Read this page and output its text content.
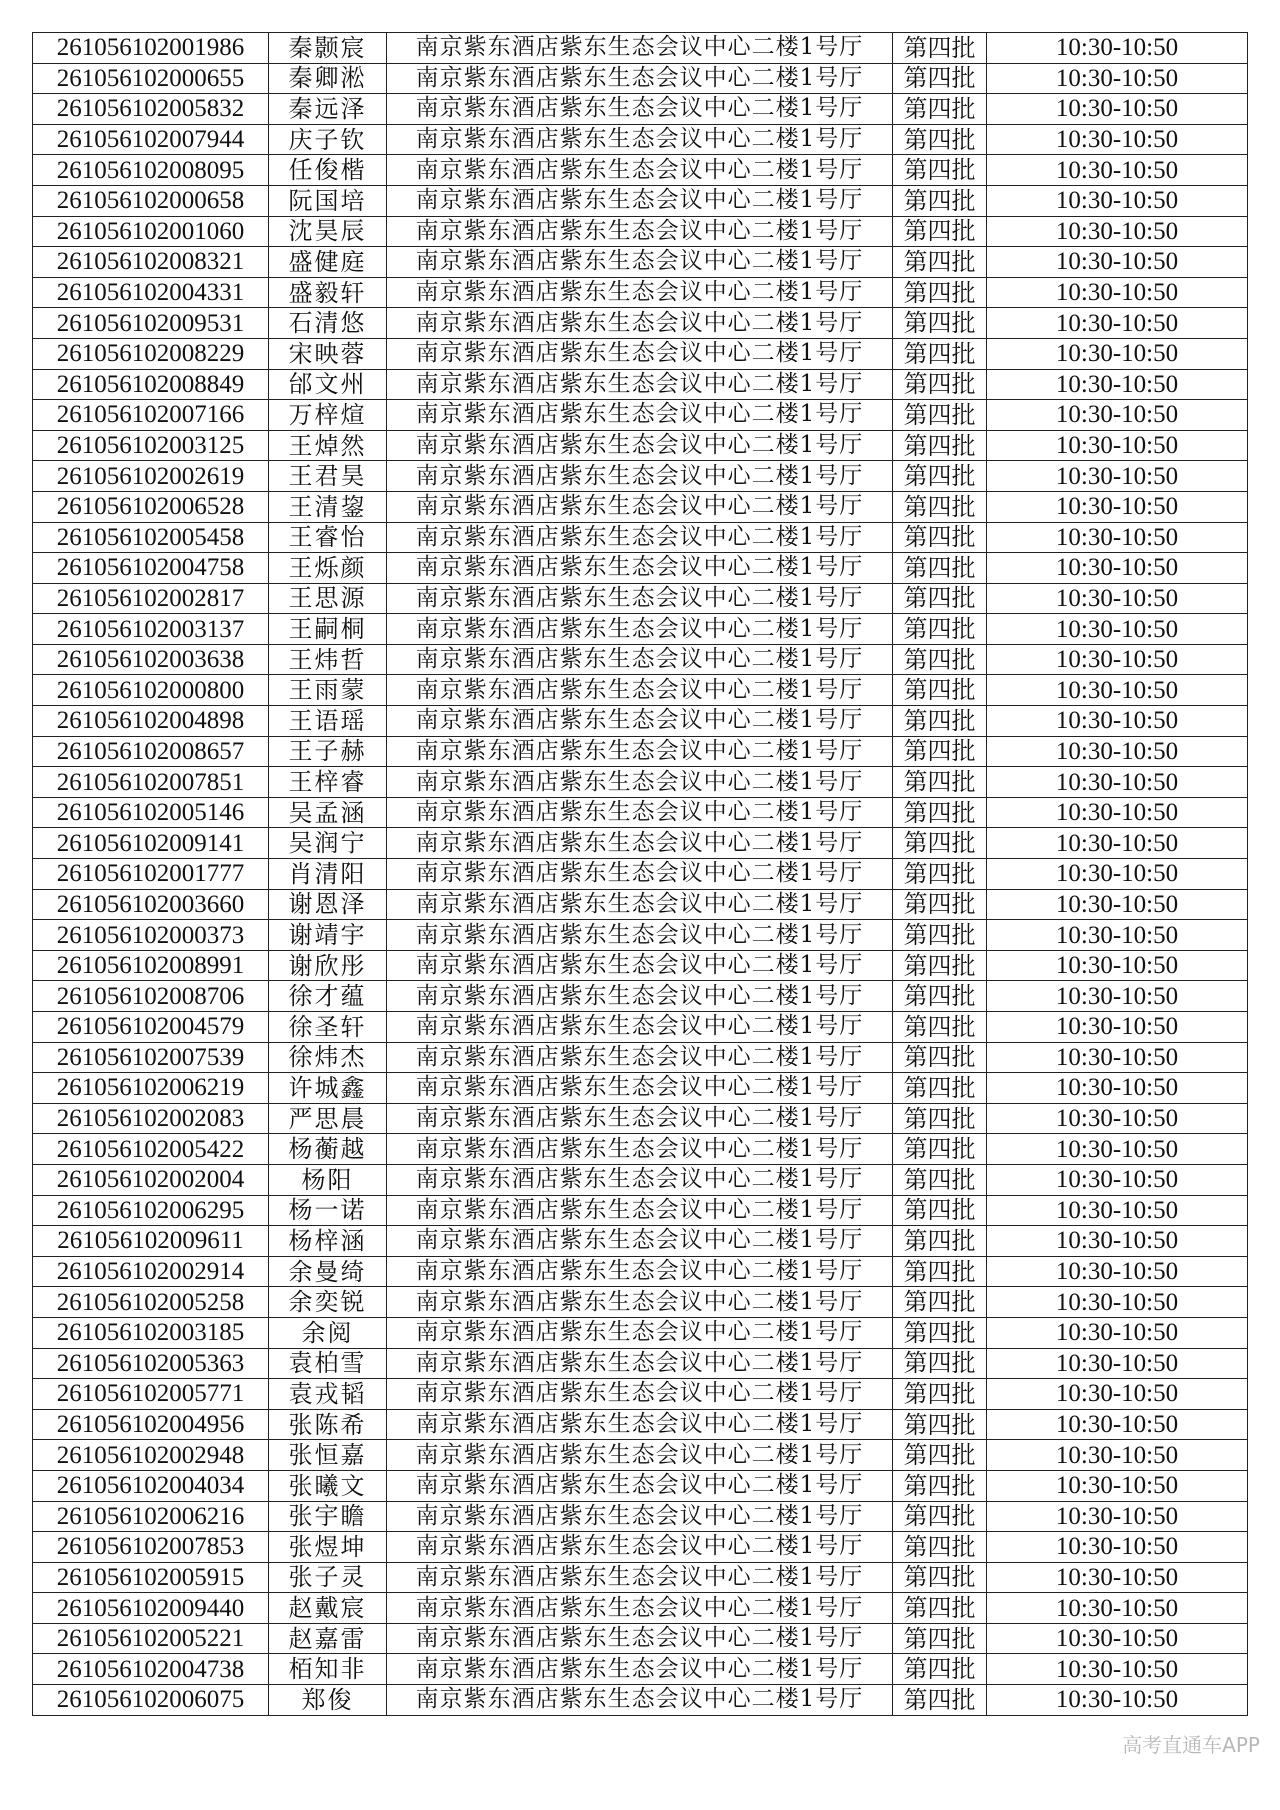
261056102001986	秦颢宸	南京紫东酒店紫东生态会议中心二楼1号厅	第四批	10:30-10:50
261056102000655	秦卿淞	南京紫东酒店紫东生态会议中心二楼1号厅	第四批	10:30-10:50
261056102005832	秦远泽	南京紫东酒店紫东生态会议中心二楼1号厅	第四批	10:30-10:50
261056102007944	庆子钦	南京紫东酒店紫东生态会议中心二楼1号厅	第四批	10:30-10:50
261056102008095	任俊楷	南京紫东酒店紫东生态会议中心二楼1号厅	第四批	10:30-10:50
261056102000658	阮国培	南京紫东酒店紫东生态会议中心二楼1号厅	第四批	10:30-10:50
261056102001060	沈昊辰	南京紫东酒店紫东生态会议中心二楼1号厅	第四批	10:30-10:50
261056102008321	盛健庭	南京紫东酒店紫东生态会议中心二楼1号厅	第四批	10:30-10:50
261056102004331	盛毅轩	南京紫东酒店紫东生态会议中心二楼1号厅	第四批	10:30-10:50
261056102009531	石清悠	南京紫东酒店紫东生态会议中心二楼1号厅	第四批	10:30-10:50
261056102008229	宋映蓉	南京紫东酒店紫东生态会议中心二楼1号厅	第四批	10:30-10:50
261056102008849	邰文州	南京紫东酒店紫东生态会议中心二楼1号厅	第四批	10:30-10:50
261056102007166	万梓煊	南京紫东酒店紫东生态会议中心二楼1号厅	第四批	10:30-10:50
261056102003125	王焯然	南京紫东酒店紫东生态会议中心二楼1号厅	第四批	10:30-10:50
261056102002619	王君昊	南京紫东酒店紫东生态会议中心二楼1号厅	第四批	10:30-10:50
261056102006528	王清鋆	南京紫东酒店紫东生态会议中心二楼1号厅	第四批	10:30-10:50
261056102005458	王睿怡	南京紫东酒店紫东生态会议中心二楼1号厅	第四批	10:30-10:50
261056102004758	王烁颜	南京紫东酒店紫东生态会议中心二楼1号厅	第四批	10:30-10:50
261056102002817	王思源	南京紫东酒店紫东生态会议中心二楼1号厅	第四批	10:30-10:50
261056102003137	王嗣桐	南京紫东酒店紫东生态会议中心二楼1号厅	第四批	10:30-10:50
261056102003638	王炜哲	南京紫东酒店紫东生态会议中心二楼1号厅	第四批	10:30-10:50
261056102000800	王雨蒙	南京紫东酒店紫东生态会议中心二楼1号厅	第四批	10:30-10:50
261056102004898	王语瑶	南京紫东酒店紫东生态会议中心二楼1号厅	第四批	10:30-10:50
261056102008657	王子赫	南京紫东酒店紫东生态会议中心二楼1号厅	第四批	10:30-10:50
261056102007851	王梓睿	南京紫东酒店紫东生态会议中心二楼1号厅	第四批	10:30-10:50
261056102005146	吴孟涵	南京紫东酒店紫东生态会议中心二楼1号厅	第四批	10:30-10:50
261056102009141	吴润宁	南京紫东酒店紫东生态会议中心二楼1号厅	第四批	10:30-10:50
261056102001777	肖清阳	南京紫东酒店紫东生态会议中心二楼1号厅	第四批	10:30-10:50
261056102003660	谢恩泽	南京紫东酒店紫东生态会议中心二楼1号厅	第四批	10:30-10:50
261056102000373	谢靖宇	南京紫东酒店紫东生态会议中心二楼1号厅	第四批	10:30-10:50
261056102008991	谢欣彤	南京紫东酒店紫东生态会议中心二楼1号厅	第四批	10:30-10:50
261056102008706	徐才蕴	南京紫东酒店紫东生态会议中心二楼1号厅	第四批	10:30-10:50
261056102004579	徐圣轩	南京紫东酒店紫东生态会议中心二楼1号厅	第四批	10:30-10:50
261056102007539	徐炜杰	南京紫东酒店紫东生态会议中心二楼1号厅	第四批	10:30-10:50
261056102006219	许城鑫	南京紫东酒店紫东生态会议中心二楼1号厅	第四批	10:30-10:50
261056102002083	严思晨	南京紫东酒店紫东生态会议中心二楼1号厅	第四批	10:30-10:50
261056102005422	杨蘅越	南京紫东酒店紫东生态会议中心二楼1号厅	第四批	10:30-10:50
261056102002004	杨阳	南京紫东酒店紫东生态会议中心二楼1号厅	第四批	10:30-10:50
261056102006295	杨一诺	南京紫东酒店紫东生态会议中心二楼1号厅	第四批	10:30-10:50
261056102009611	杨梓涵	南京紫东酒店紫东生态会议中心二楼1号厅	第四批	10:30-10:50
261056102002914	余曼绮	南京紫东酒店紫东生态会议中心二楼1号厅	第四批	10:30-10:50
261056102005258	余奕锐	南京紫东酒店紫东生态会议中心二楼1号厅	第四批	10:30-10:50
261056102003185	余阅	南京紫东酒店紫东生态会议中心二楼1号厅	第四批	10:30-10:50
261056102005363	袁柏雪	南京紫东酒店紫东生态会议中心二楼1号厅	第四批	10:30-10:50
261056102005771	袁戎韬	南京紫东酒店紫东生态会议中心二楼1号厅	第四批	10:30-10:50
261056102004956	张陈希	南京紫东酒店紫东生态会议中心二楼1号厅	第四批	10:30-10:50
261056102002948	张恒嘉	南京紫东酒店紫东生态会议中心二楼1号厅	第四批	10:30-10:50
261056102004034	张曦文	南京紫东酒店紫东生态会议中心二楼1号厅	第四批	10:30-10:50
261056102006216	张宇瞻	南京紫东酒店紫东生态会议中心二楼1号厅	第四批	10:30-10:50
261056102007853	张煜坤	南京紫东酒店紫东生态会议中心二楼1号厅	第四批	10:30-10:50
261056102005915	张子灵	南京紫东酒店紫东生态会议中心二楼1号厅	第四批	10:30-10:50
261056102009440	赵戴宸	南京紫东酒店紫东生态会议中心二楼1号厅	第四批	10:30-10:50
261056102005221	赵嘉雷	南京紫东酒店紫东生态会议中心二楼1号厅	第四批	10:30-10:50
261056102004738	栢知非	南京紫东酒店紫东生态会议中心二楼1号厅	第四批	10:30-10:50
261056102006075	郑俊	南京紫东酒店紫东生态会议中心二楼1号厅	第四批	10:30-10:50
高考直通车APP
